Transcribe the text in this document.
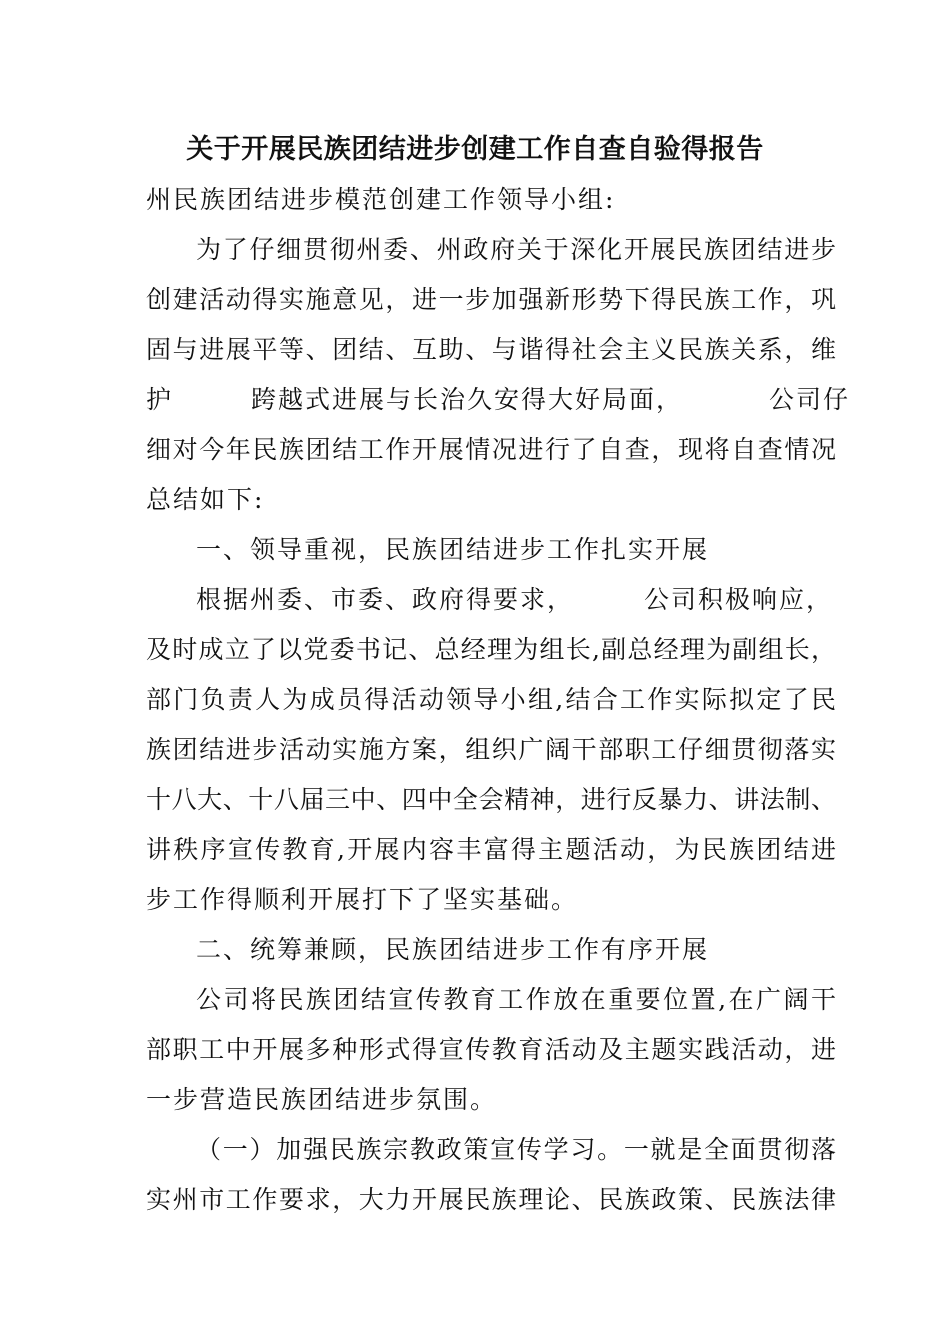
关于开展民族团结进步创建工作自查自验得报告
州民族团结进步模范创建工作领导小组:
为了仔细贯彻州委、州政府关于深化开展民族团结进步
创建活动得实施意见，进一步加强新形势下得民族工作，巩
固与进展平等、团结、互助、与谐得社会主义民族关系，维
护	跨越式进展与长治久安得大好局面，	公司仔
细对今年民族团结工作开展情况进行了自查，现将自查情况
总结如下:
一、领导重视，民族团结进步工作扎实开展
根据州委、市委、政府得要求，	公司积极响应，
及时成立了以党委书记、总经理为组长,副总经理为副组长，
部门负责人为成员得活动领导小组,结合工作实际拟定了民
族团结进步活动实施方案，组织广阔干部职工仔细贯彻落实
十八大、十八届三中、四中全会精神，进行反暴力、讲法制、
讲秩序宣传教育,开展内容丰富得主题活动，为民族团结进
步工作得顺利开展打下了坚实基础。
二、统筹兼顾，民族团结进步工作有序开展
公司将民族团结宣传教育工作放在重要位置,在广阔干
部职工中开展多种形式得宣传教育活动及主题实践活动，进
一步营造民族团结进步氛围。
（一）加强民族宗教政策宣传学习。一就是全面贯彻落
实州市工作要求，大力开展民族理论、民族政策、民族法律
